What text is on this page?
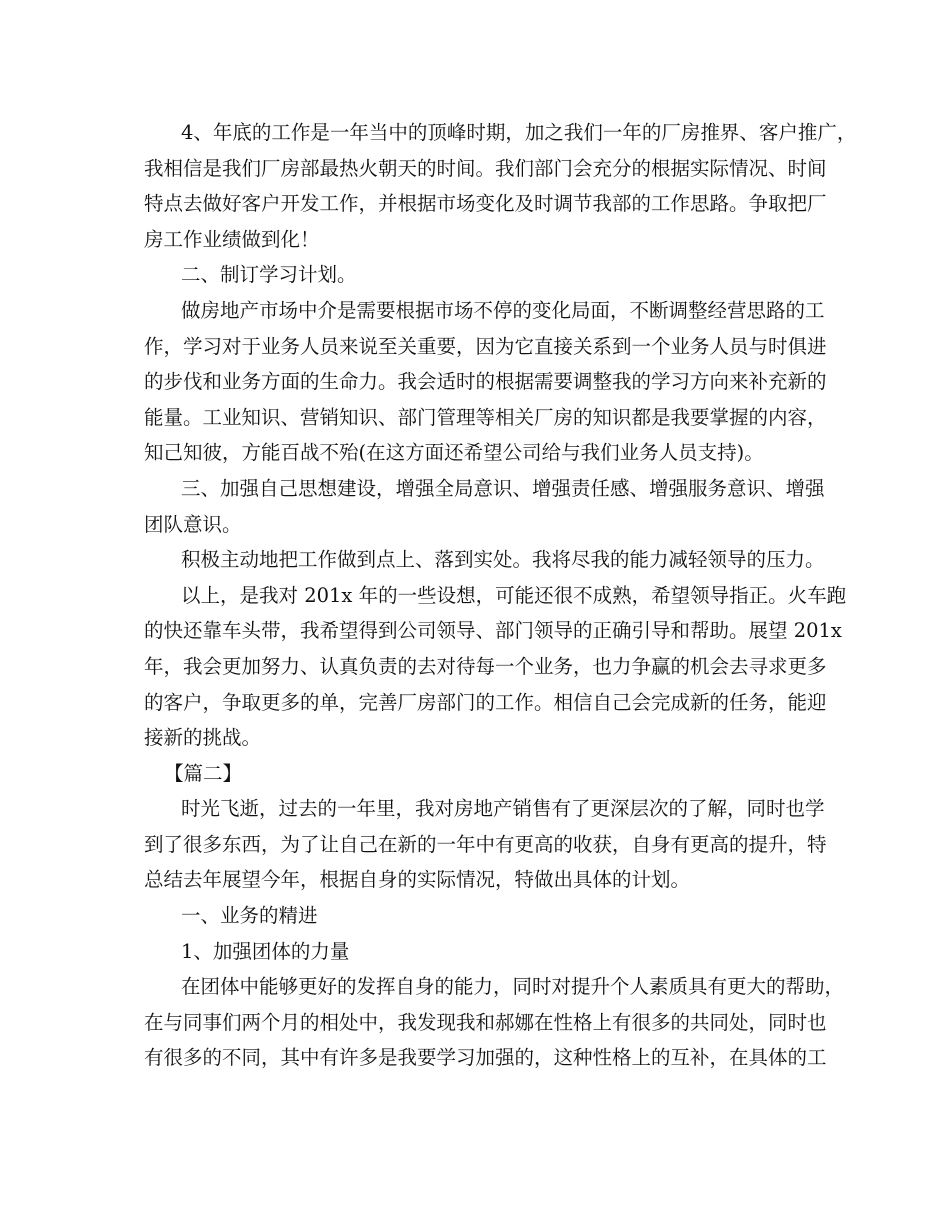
4、年底的工作是一年当中的顶峰时期，加之我们一年的厂房推界、客户推广，
我相信是我们厂房部最热火朝天的时间。我们部门会充分的根据实际情况、时间
特点去做好客户开发工作，并根据市场变化及时调节我部的工作思路。争取把厂
房工作业绩做到化！
二、制订学习计划。
做房地产市场中介是需要根据市场不停的变化局面，不断调整经营思路的工
作，学习对于业务人员来说至关重要，因为它直接关系到一个业务人员与时俱进
的步伐和业务方面的生命力。我会适时的根据需要调整我的学习方向来补充新的
能量。工业知识、营销知识、部门管理等相关厂房的知识都是我要掌握的内容，
知己知彼，方能百战不殆(在这方面还希望公司给与我们业务人员支持)。
三、加强自己思想建设，增强全局意识、增强责任感、增强服务意识、增强
团队意识。
积极主动地把工作做到点上、落到实处。我将尽我的能力减轻领导的压力。
以上，是我对 201x 年的一些设想，可能还很不成熟，希望领导指正。火车跑
的快还靠车头带，我希望得到公司领导、部门领导的正确引导和帮助。展望 201x
年，我会更加努力、认真负责的去对待每一个业务，也力争赢的机会去寻求更多
的客户，争取更多的单，完善厂房部门的工作。相信自己会完成新的任务，能迎
接新的挑战。
【篇二】
时光飞逝，过去的一年里，我对房地产销售有了更深层次的了解，同时也学
到了很多东西，为了让自己在新的一年中有更高的收获，自身有更高的提升，特
总结去年展望今年，根据自身的实际情况，特做出具体的计划。
一、业务的精进
1、加强团体的力量
在团体中能够更好的发挥自身的能力，同时对提升个人素质具有更大的帮助，
在与同事们两个月的相处中，我发现我和郝娜在性格上有很多的共同处，同时也
有很多的不同，其中有许多是我要学习加强的，这种性格上的互补，在具体的工
